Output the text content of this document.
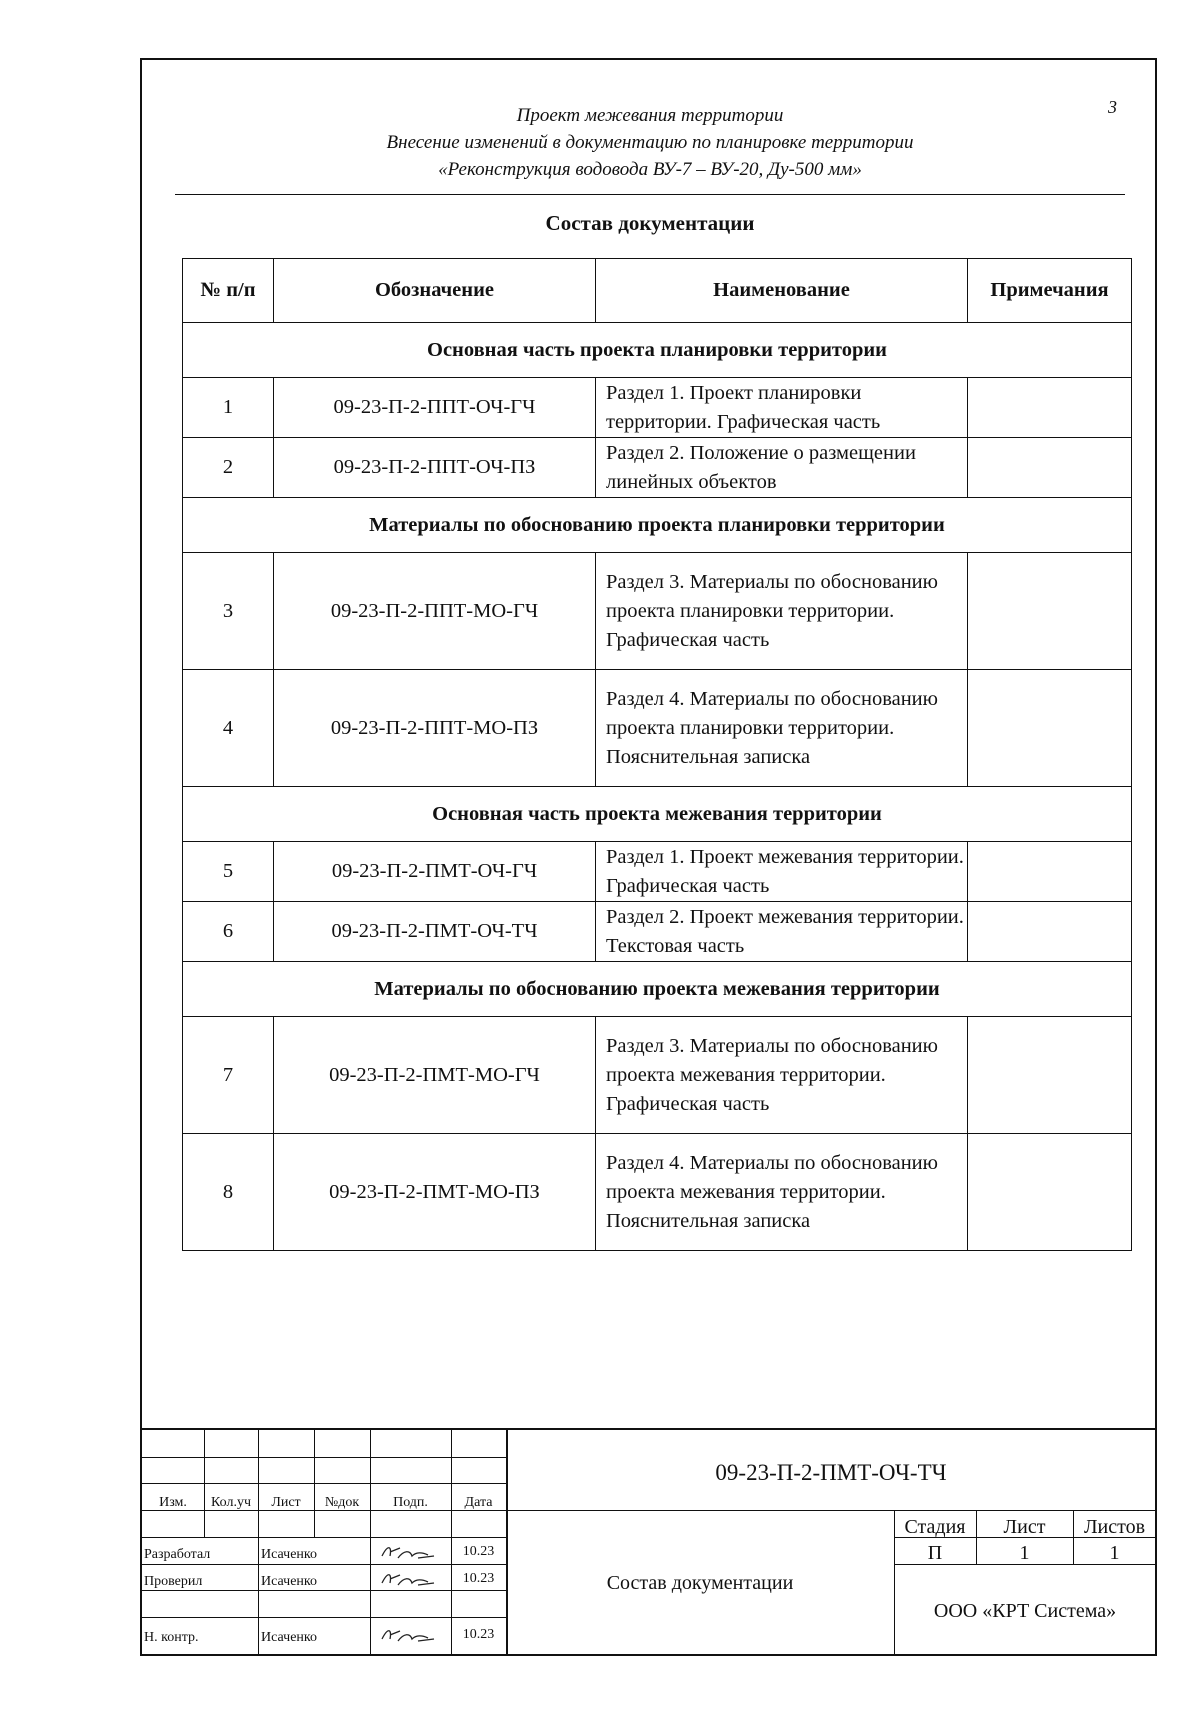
3
Проект межевания территории
Внесение изменений в документацию по планировке территории
«Реконструкция водовода ВУ-7 – ВУ-20, Ду-500 мм»
Состав документации
№ п/п	Обозначение	Наименование	Примечания
Основная часть проекта планировки территории			
1	09-23-П-2-ППТ-ОЧ-ГЧ	Раздел 1. Проект планировки территории. Графическая часть	
2	09-23-П-2-ППТ-ОЧ-ПЗ	Раздел 2. Положение о размещении линейных объектов	
Материалы по обоснованию проекта планировки территории			
3	09-23-П-2-ППТ-МО-ГЧ	Раздел 3. Материалы по обоснованию проекта планировки территории. Графическая часть	
4	09-23-П-2-ППТ-МО-ПЗ	Раздел 4. Материалы по обоснованию проекта планировки территории. Пояснительная записка	
Основная часть проекта межевания территории			
5	09-23-П-2-ПМТ-ОЧ-ГЧ	Раздел 1. Проект межевания территории. Графическая часть	
6	09-23-П-2-ПМТ-ОЧ-ТЧ	Раздел 2. Проект межевания территории. Текстовая часть	
Материалы по обоснованию проекта межевания территории			
7	09-23-П-2-ПМТ-МО-ГЧ	Раздел 3. Материалы по обоснованию проекта межевания территории. Графическая часть	
8	09-23-П-2-ПМТ-МО-ПЗ	Раздел 4. Материалы по обоснованию проекта межевания территории. Пояснительная записка	
Изм.	Кол.уч	Лист	№док	Подп.	Дата
Разработал	Исаченко	10.23
Проверил	Исаченко	10.23
Н. контр.	Исаченко	10.23
09-23-П-2-ПМТ-ОЧ-ТЧ
Состав документации
Стадия	Лист	Листов
П	1	1
ООО «КРТ Система»
